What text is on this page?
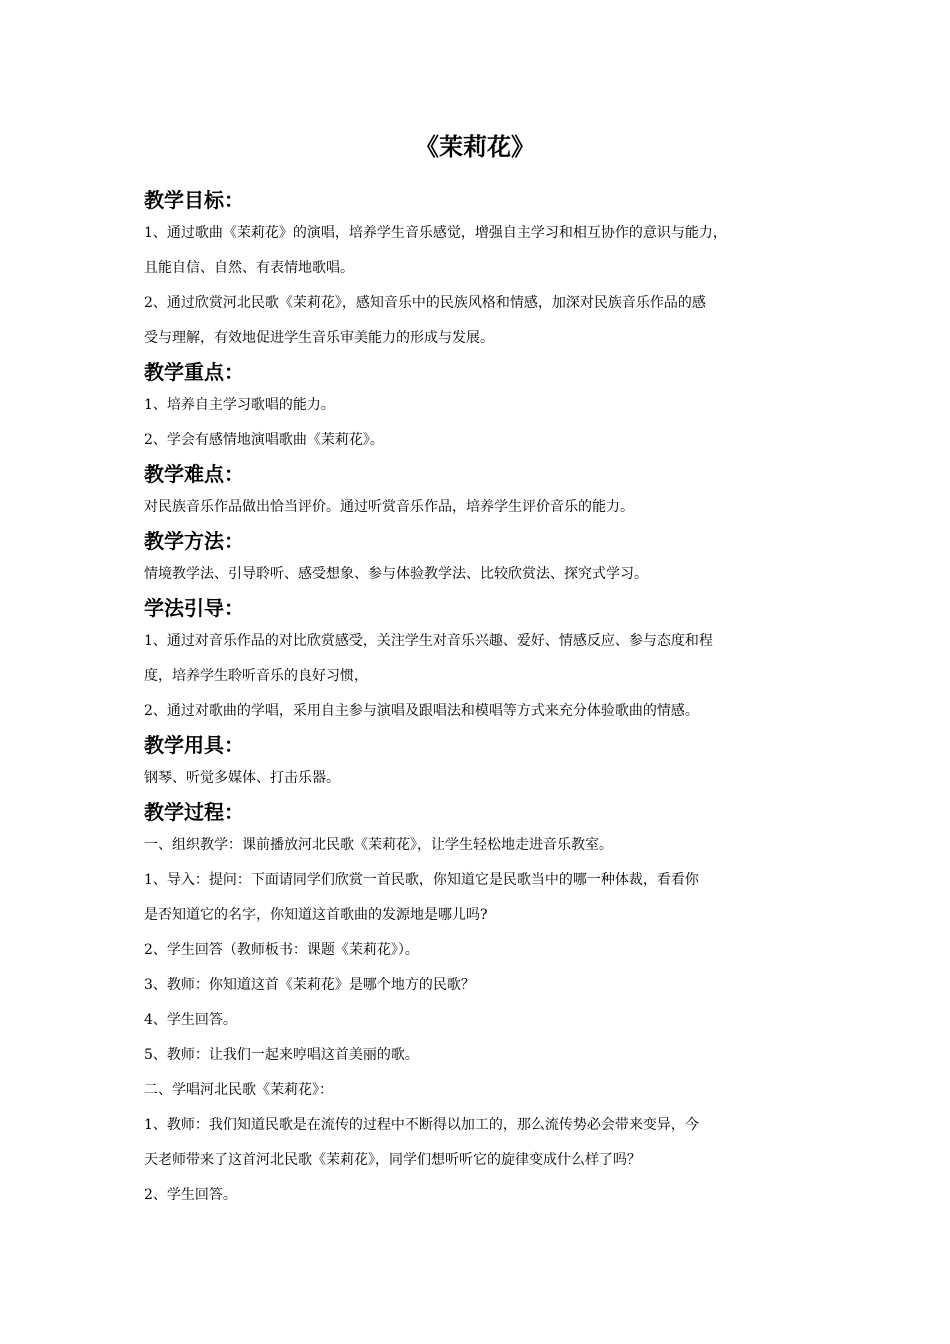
《茉莉花》
教学目标：

1、通过歌曲《茉莉花》的演唱，培养学生音乐感觉，增强自主学习和相互协作的意识与能力，

且能自信、自然、有表情地歌唱。

2、通过欣赏河北民歌《茉莉花》，感知音乐中的民族风格和情感，加深对民族音乐作品的感

受与理解，有效地促进学生音乐审美能力的形成与发展。

教学重点：

1、培养自主学习歌唱的能力。

2、学会有感情地演唱歌曲《茉莉花》。

教学难点：

对民族音乐作品做出恰当评价。通过听赏音乐作品，培养学生评价音乐的能力。

教学方法：

情境教学法、引导聆听、感受想象、参与体验教学法、比较欣赏法、探究式学习。

学法引导：

1、通过对音乐作品的对比欣赏感受，关注学生对音乐兴趣、爱好、情感反应、参与态度和程

度，培养学生聆听音乐的良好习惯，

2、通过对歌曲的学唱，采用自主参与演唱及跟唱法和模唱等方式来充分体验歌曲的情感。

教学用具：

钢琴、听觉多媒体、打击乐器。

教学过程：

一、组织教学：课前播放河北民歌《茉莉花》，让学生轻松地走进音乐教室。

1、导入：提问：下面请同学们欣赏一首民歌，你知道它是民歌当中的哪一种体裁，看看你

是否知道它的名字，你知道这首歌曲的发源地是哪儿吗?

2、学生回答（教师板书：课题《茉莉花》）。

3、教师：你知道这首《茉莉花》是哪个地方的民歌？

4、学生回答。

5、教师：让我们一起来哼唱这首美丽的歌。

二、学唱河北民歌《茉莉花》：

1、教师：我们知道民歌是在流传的过程中不断得以加工的，那么流传势必会带来变异，今

天老师带来了这首河北民歌《茉莉花》，同学们想听听它的旋律变成什么样了吗？

2、学生回答。
